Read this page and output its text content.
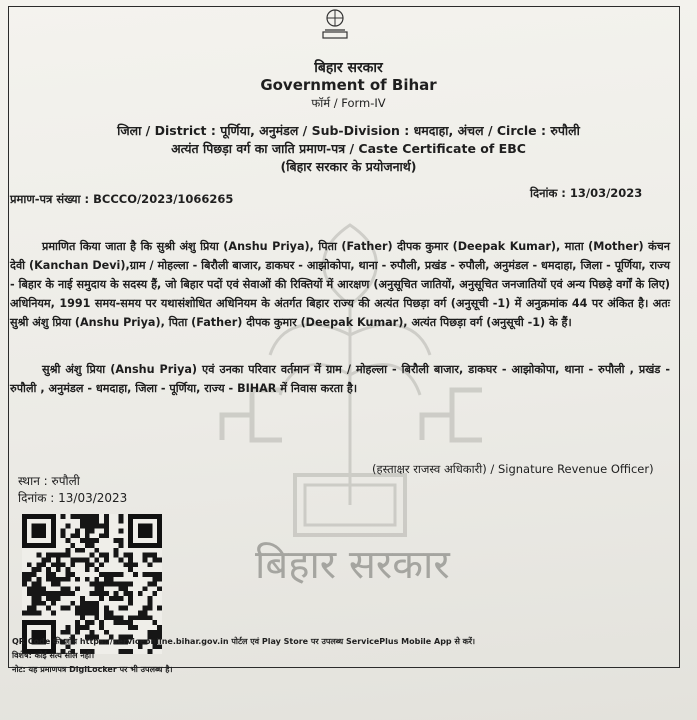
बिहार सरकार
बिहार सरकार
Government of Bihar
फॉर्म / Form-IV
जिला / District : पूर्णिया, अनुमंडल / Sub-Division : धमदाहा, अंचल / Circle : रुपौली
अत्यंत पिछड़ा वर्ग का जाति प्रमाण-पत्र / Caste Certificate of EBC
(बिहार सरकार के प्रयोजनार्थ)
प्रमाण-पत्र संख्या : BCCCO/2023/1066265	दिनांक : 13/03/2023
प्रमाणित किया जाता है कि सुश्री अंशु प्रिया (Anshu Priya), पिता (Father) दीपक कुमार (Deepak Kumar), माता (Mother) कंचन देवी (Kanchan Devi),ग्राम / मोहल्ला - बिरौली बाजार, डाकघर - आझोकोपा, थाना - रुपौली, प्रखंड - रुपौली, अनुमंडल - धमदाहा, जिला - पूर्णिया, राज्य - बिहार के नाई समुदाय के सदस्य हैं, जो बिहार पदों एवं सेवाओं की रिक्तियों में आरक्षण (अनुसूचित जातियों, अनुसूचित जनजातियों एवं अन्य पिछड़े वर्गों के लिए) अधिनियम, 1991 समय-समय पर यथासंशोधित अधिनियम के अंतर्गत बिहार राज्य की अत्यंत पिछड़ा वर्ग (अनुसूची -1) में अनुक्रमांक 44 पर अंकित है। अतः सुश्री अंशु प्रिया (Anshu Priya), पिता (Father) दीपक कुमार (Deepak Kumar), अत्यंत पिछड़ा वर्ग (अनुसूची -1) के हैं।
सुश्री अंशु प्रिया (Anshu Priya) एवं उनका परिवार वर्तमान में ग्राम / मोहल्ला - बिरौली बाजार, डाकघर - आझोकोपा, थाना - रुपौली , प्रखंड - रुपौली , अनुमंडल - धमदाहा, जिला - पूर्णिया, राज्य - BIHAR में निवास करता है।
स्थान : रुपौली
दिनांक : 13/03/2023
(हस्ताक्षर राजस्व अधिकारी) / Signature Revenue Officer)
QR Code की जाँच https://serviceonline.bihar.gov.in पोर्टल एवं Play Store पर उपलब्ध ServicePlus Mobile App से करें।
विशेष: कोई सत्य सील नहीं।
नोट: यह प्रमाणपत्र DigiLocker पर भी उपलब्ध है।
